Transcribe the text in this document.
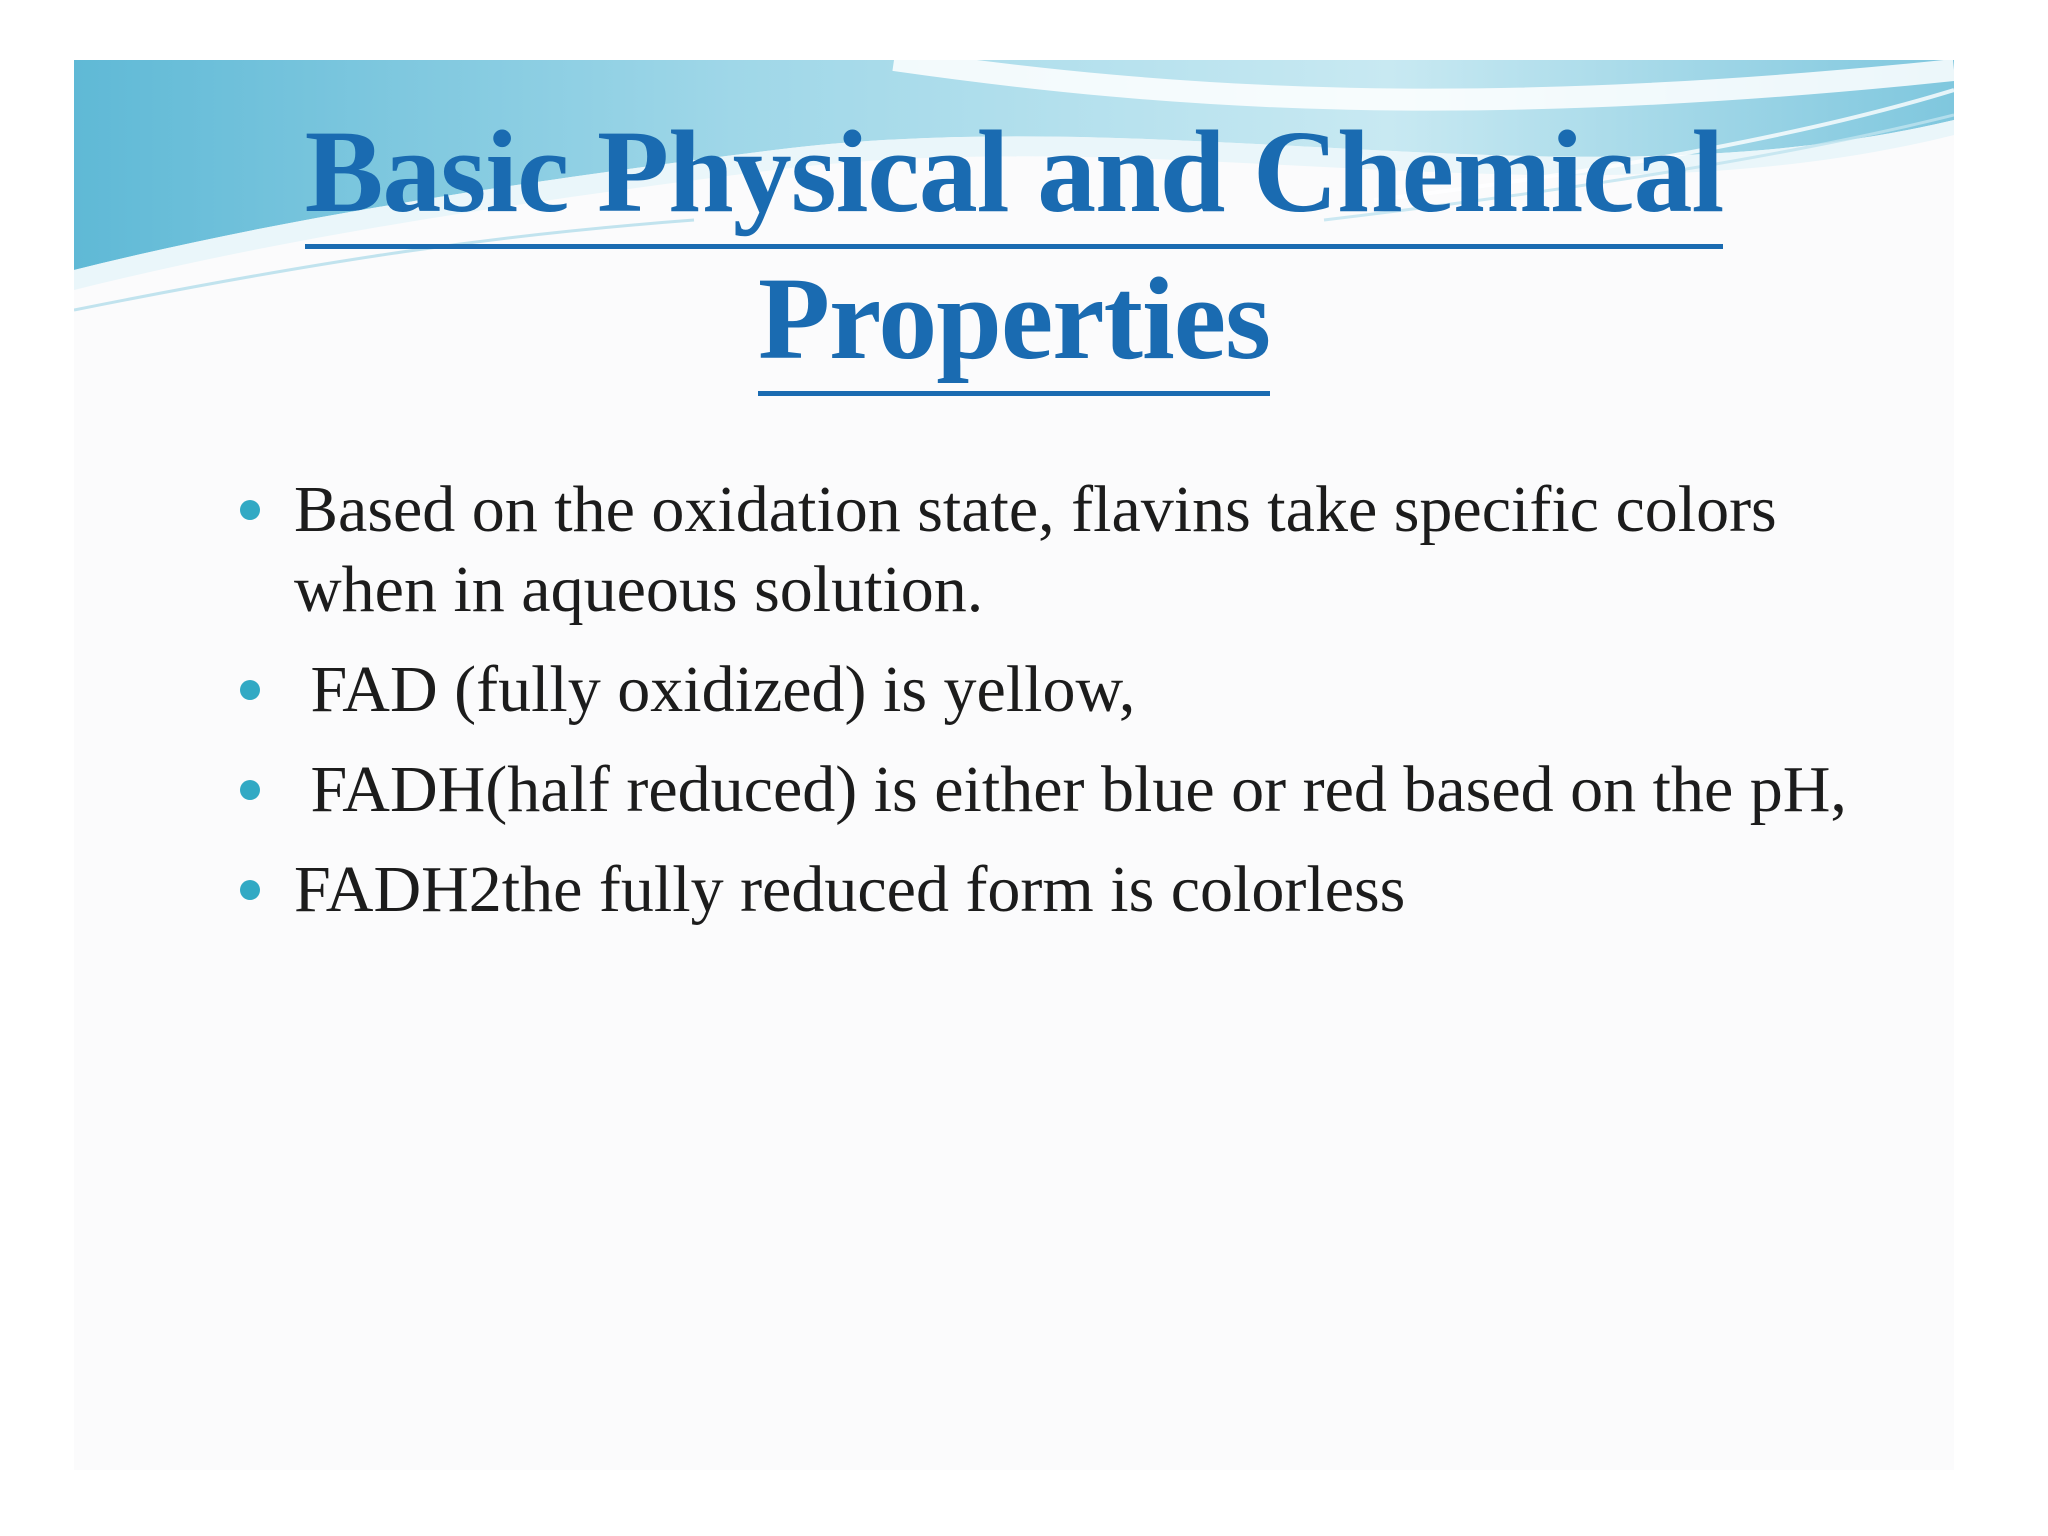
Basic Physical and Chemical
Properties
Based on the oxidation state, flavins take specific colors when in aqueous solution.
FAD (fully oxidized) is yellow,
FADH(half reduced) is either blue or red based on the pH,
FADH2the fully reduced form is colorless
